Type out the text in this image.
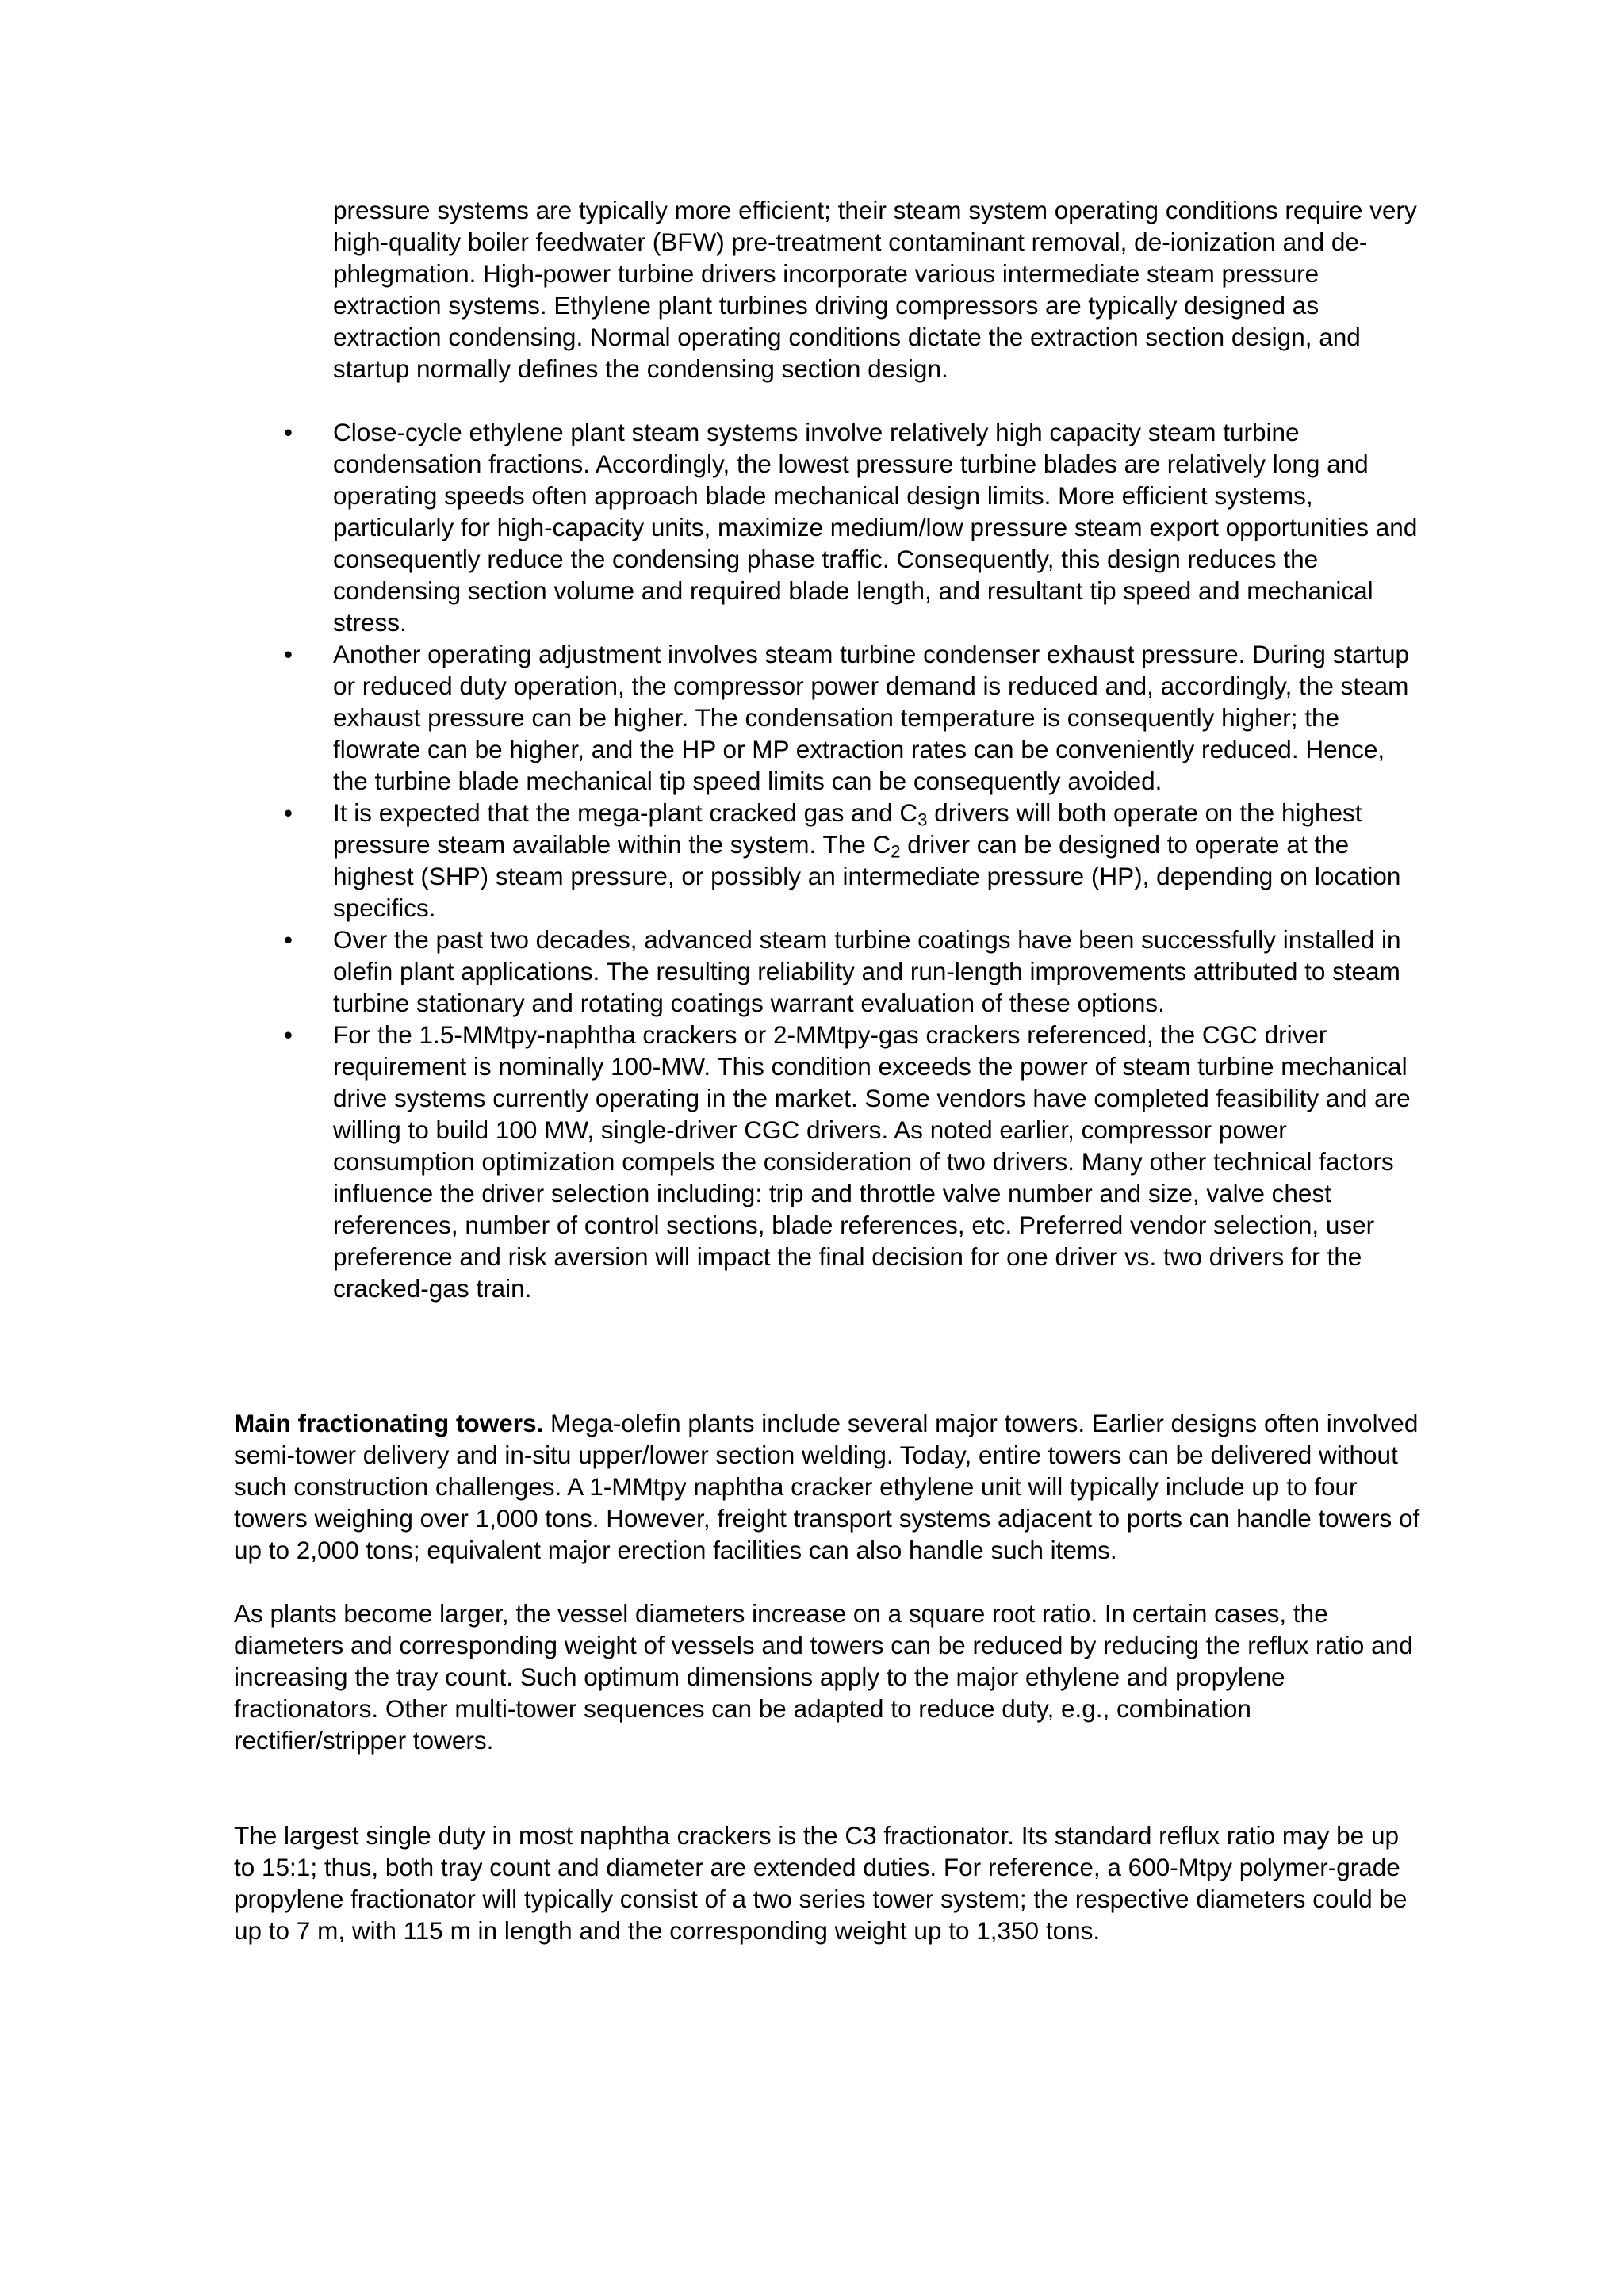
pressure systems are typically more efficient; their steam system operating conditions require very high-quality boiler feedwater (BFW) pre-treatment contaminant removal, de-ionization and de-phlegmation. High-power turbine drivers incorporate various intermediate steam pressure extraction systems. Ethylene plant turbines driving compressors are typically designed as extraction condensing. Normal operating conditions dictate the extraction section design, and startup normally defines the condensing section design.

•	Close-cycle ethylene plant steam systems involve relatively high capacity steam turbine condensation fractions. Accordingly, the lowest pressure turbine blades are relatively long and operating speeds often approach blade mechanical design limits. More efficient systems, particularly for high-capacity units, maximize medium/low pressure steam export opportunities and consequently reduce the condensing phase traffic. Consequently, this design reduces the condensing section volume and required blade length, and resultant tip speed and mechanical stress.
•	Another operating adjustment involves steam turbine condenser exhaust pressure. During startup or reduced duty operation, the compressor power demand is reduced and, accordingly, the steam exhaust pressure can be higher. The condensation temperature is consequently higher; the flowrate can be higher, and the HP or MP extraction rates can be conveniently reduced. Hence, the turbine blade mechanical tip speed limits can be consequently avoided.
•	It is expected that the mega-plant cracked gas and $C_3$ drivers will both operate on the highest pressure steam available within the system. The $C_2$ driver can be designed to operate at the highest (SHP) steam pressure, or possibly an intermediate pressure (HP), depending on location specifics.
•	Over the past two decades, advanced steam turbine coatings have been successfully installed in olefin plant applications. The resulting reliability and run-length improvements attributed to steam turbine stationary and rotating coatings warrant evaluation of these options.
•	For the 1.5-MMtpy-naphtha crackers or 2-MMtpy-gas crackers referenced, the CGC driver requirement is nominally 100-MW. This condition exceeds the power of steam turbine mechanical drive systems currently operating in the market. Some vendors have completed feasibility and are willing to build 100 MW, single-driver CGC drivers. As noted earlier, compressor power consumption optimization compels the consideration of two drivers. Many other technical factors influence the driver selection including: trip and throttle valve number and size, valve chest references, number of control sections, blade references, etc. Preferred vendor selection, user preference and risk aversion will impact the final decision for one driver vs. two drivers for the cracked-gas train.

Main fractionating towers. Mega-olefin plants include several major towers. Earlier designs often involved semi-tower delivery and in-situ upper/lower section welding. Today, entire towers can be delivered without such construction challenges. A 1-MMtpy naphtha cracker ethylene unit will typically include up to four towers weighing over 1,000 tons. However, freight transport systems adjacent to ports can handle towers of up to 2,000 tons; equivalent major erection facilities can also handle such items.

As plants become larger, the vessel diameters increase on a square root ratio. In certain cases, the diameters and corresponding weight of vessels and towers can be reduced by reducing the reflux ratio and increasing the tray count. Such optimum dimensions apply to the major ethylene and propylene fractionators. Other multi-tower sequences can be adapted to reduce duty, e.g., combination rectifier/stripper towers.

The largest single duty in most naphtha crackers is the C3 fractionator. Its standard reflux ratio may be up to 15:1; thus, both tray count and diameter are extended duties. For reference, a 600-Mtpy polymer-grade propylene fractionator will typically consist of a two series tower system; the respective diameters could be up to 7 m, with 115 m in length and the corresponding weight up to 1,350 tons.
